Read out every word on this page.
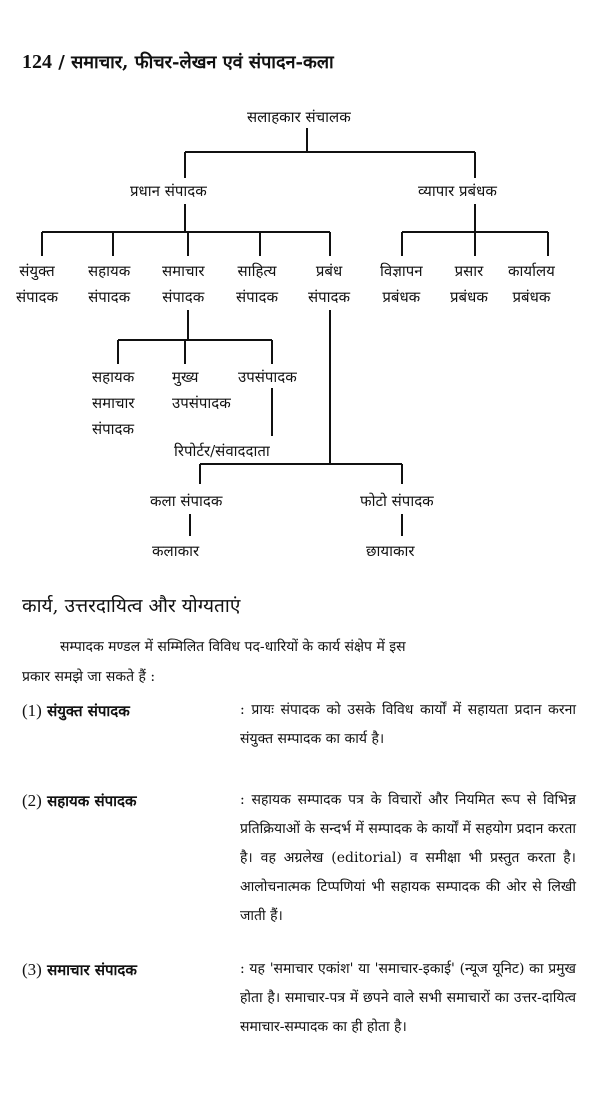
124 / समाचार, फीचर-लेखन एवं संपादन-कला
सलाहकार संचालक
प्रधान संपादक	व्यापार प्रबंधक
संयुक्त
संपादक
सहायक
संपादक
समाचार
संपादक
साहित्य
संपादक
प्रबंध
संपादक
विज्ञापन
प्रबंधक
प्रसार
प्रबंधक
कार्यालय
प्रबंधक
सहायक
समाचार
संपादक
मुख्य
उपसंपादक
उपसंपादक
रिपोर्टर/संवाददाता
कला संपादक	फोटो संपादक
कलाकार	छायाकार
कार्य, उत्तरदायित्व और योग्यताएं
सम्पादक मण्डल में सम्मिलित विविध पद-धारियों के कार्य संक्षेप में इस
प्रकार समझे जा सकते हैं :
(1) संयुक्त संपादक	: प्रायः संपादक को उसके विविध कार्यों में सहायता प्रदान करना संयुक्त सम्पादक का कार्य है।
(2) सहायक संपादक	: सहायक सम्पादक पत्र के विचारों और नियमित रूप से विभिन्न प्रतिक्रियाओं के सन्दर्भ में सम्पादक के कार्यों में सहयोग प्रदान करता है। वह अग्रलेख (editorial) व समीक्षा भी प्रस्तुत करता है। आलोचनात्मक टिप्पणियां भी सहायक सम्पादक की ओर से लिखी जाती हैं।
(3) समाचार संपादक	: यह 'समाचार एकांश' या 'समाचार-इकाई' (न्यूज यूनिट) का प्रमुख होता है। समाचार-पत्र में छपने वाले सभी समाचारों का उत्तर-दायित्व समाचार-सम्पादक का ही होता है।
